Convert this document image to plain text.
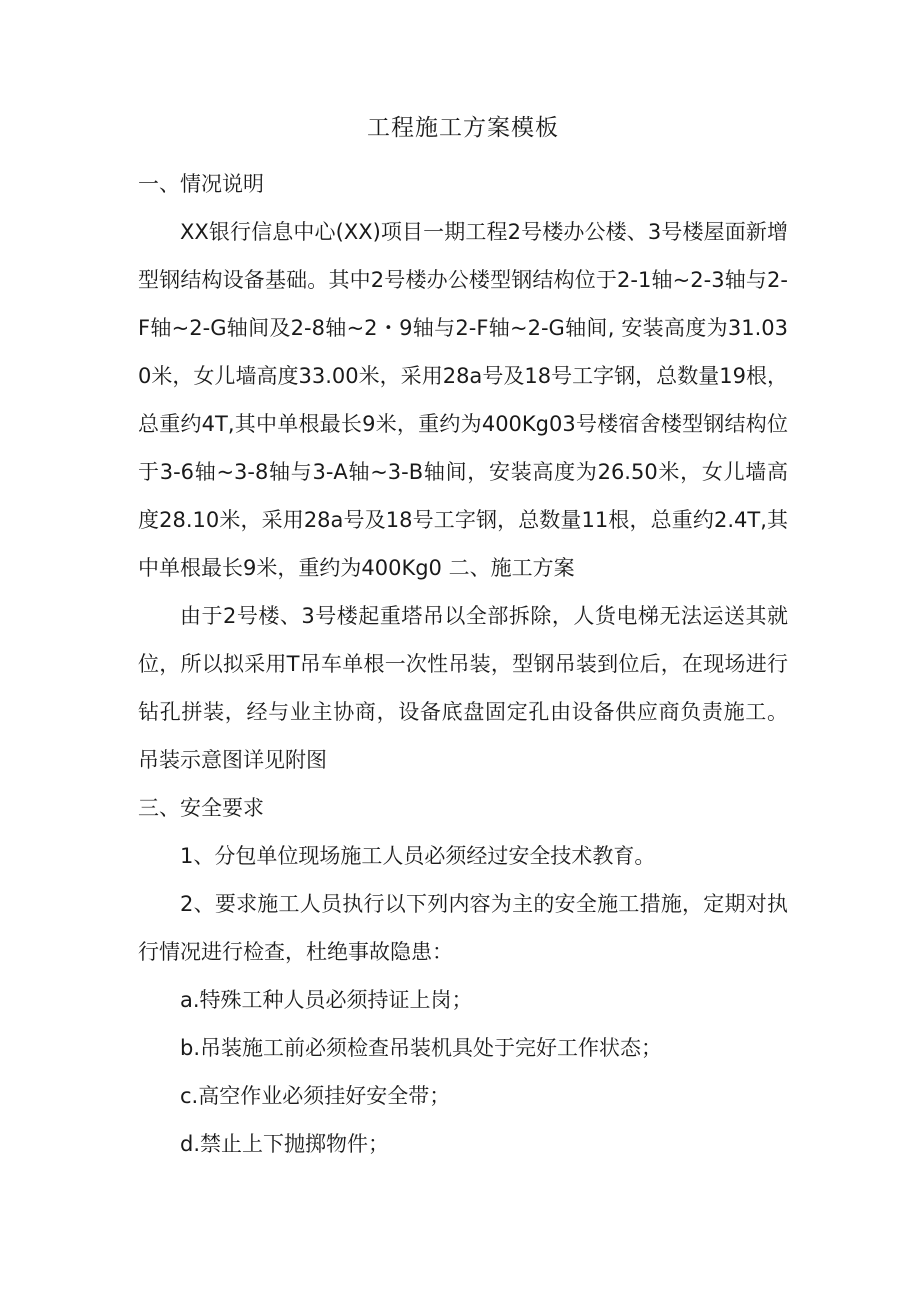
工程施工方案模板

一、情况说明

XX银行信息中心(XX)项目一期工程2号楼办公楼、3号楼屋面新增型钢结构设备基础。其中2号楼办公楼型钢结构位于2-1轴~2-3轴与2-F轴~2-G轴间及2-8轴~2・9轴与2-F轴~2-G轴间, 安装高度为31.030米，女儿墙高度33.00米，采用28a号及18号工字钢，总数量19根，总重约4T,其中单根最长9米，重约为400Kg03号楼宿舍楼型钢结构位于3-6轴~3-8轴与3-A轴~3-B轴间，安装高度为26.50米，女儿墙高度28.10米，采用28a号及18号工字钢，总数量11根，总重约2.4T,其中单根最长9米，重约为400Kg0 二、施工方案

由于2号楼、3号楼起重塔吊以全部拆除，人货电梯无法运送其就位，所以拟采用T吊车单根一次性吊装，型钢吊装到位后，在现场进行钻孔拼装，经与业主协商，设备底盘固定孔由设备供应商负责施工。吊装示意图详见附图

三、安全要求

1、分包单位现场施工人员必须经过安全技术教育。

2、要求施工人员执行以下列内容为主的安全施工措施，定期对执行情况进行检查，杜绝事故隐患：

a.特殊工种人员必须持证上岗；

b.吊装施工前必须检查吊装机具处于完好工作状态；

c.高空作业必须挂好安全带；

d.禁止上下抛掷物件；
